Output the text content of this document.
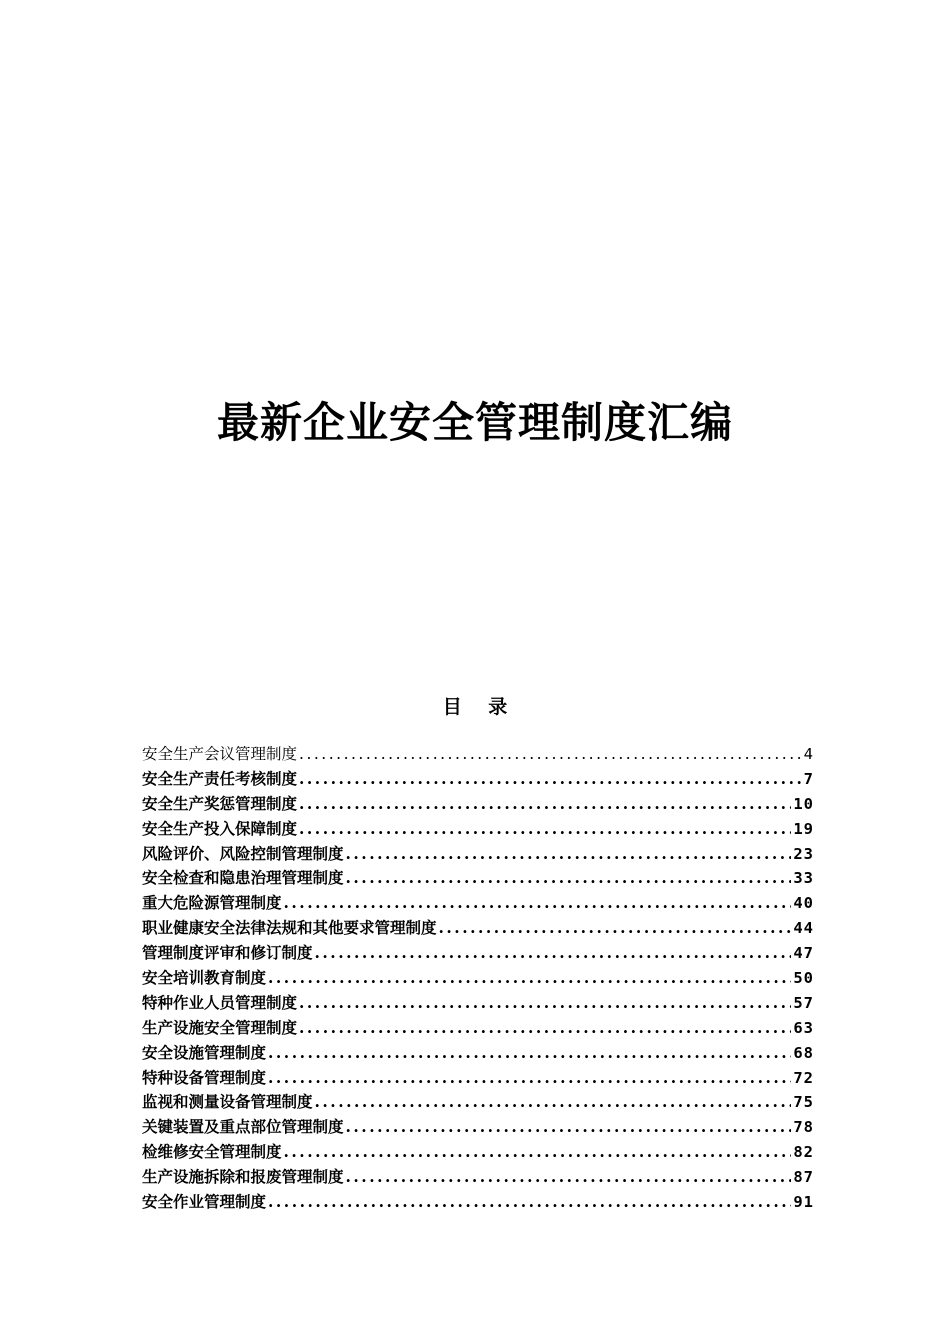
最新企业安全管理制度汇编
目    录
安全生产会议管理制度 .....	4
安全生产责任考核制度 .....	7
安全生产奖惩管理制度 .....	10
安全生产投入保障制度 .....	19
风险评价、风险控制管理制度 .....	23
安全检查和隐患治理管理制度 .....	33
重大危险源管理制度 .....	40
职业健康安全法律法规和其他要求管理制度 .....	44
管理制度评审和修订制度 .....	47
安全培训教育制度 .....	50
特种作业人员管理制度 .....	57
生产设施安全管理制度 .....	63
安全设施管理制度 .....	68
特种设备管理制度 .....	72
监视和测量设备管理制度 .....	75
关键装置及重点部位管理制度 .....	78
检维修安全管理制度 .....	82
生产设施拆除和报废管理制度 .....	87
安全作业管理制度 .....	91
